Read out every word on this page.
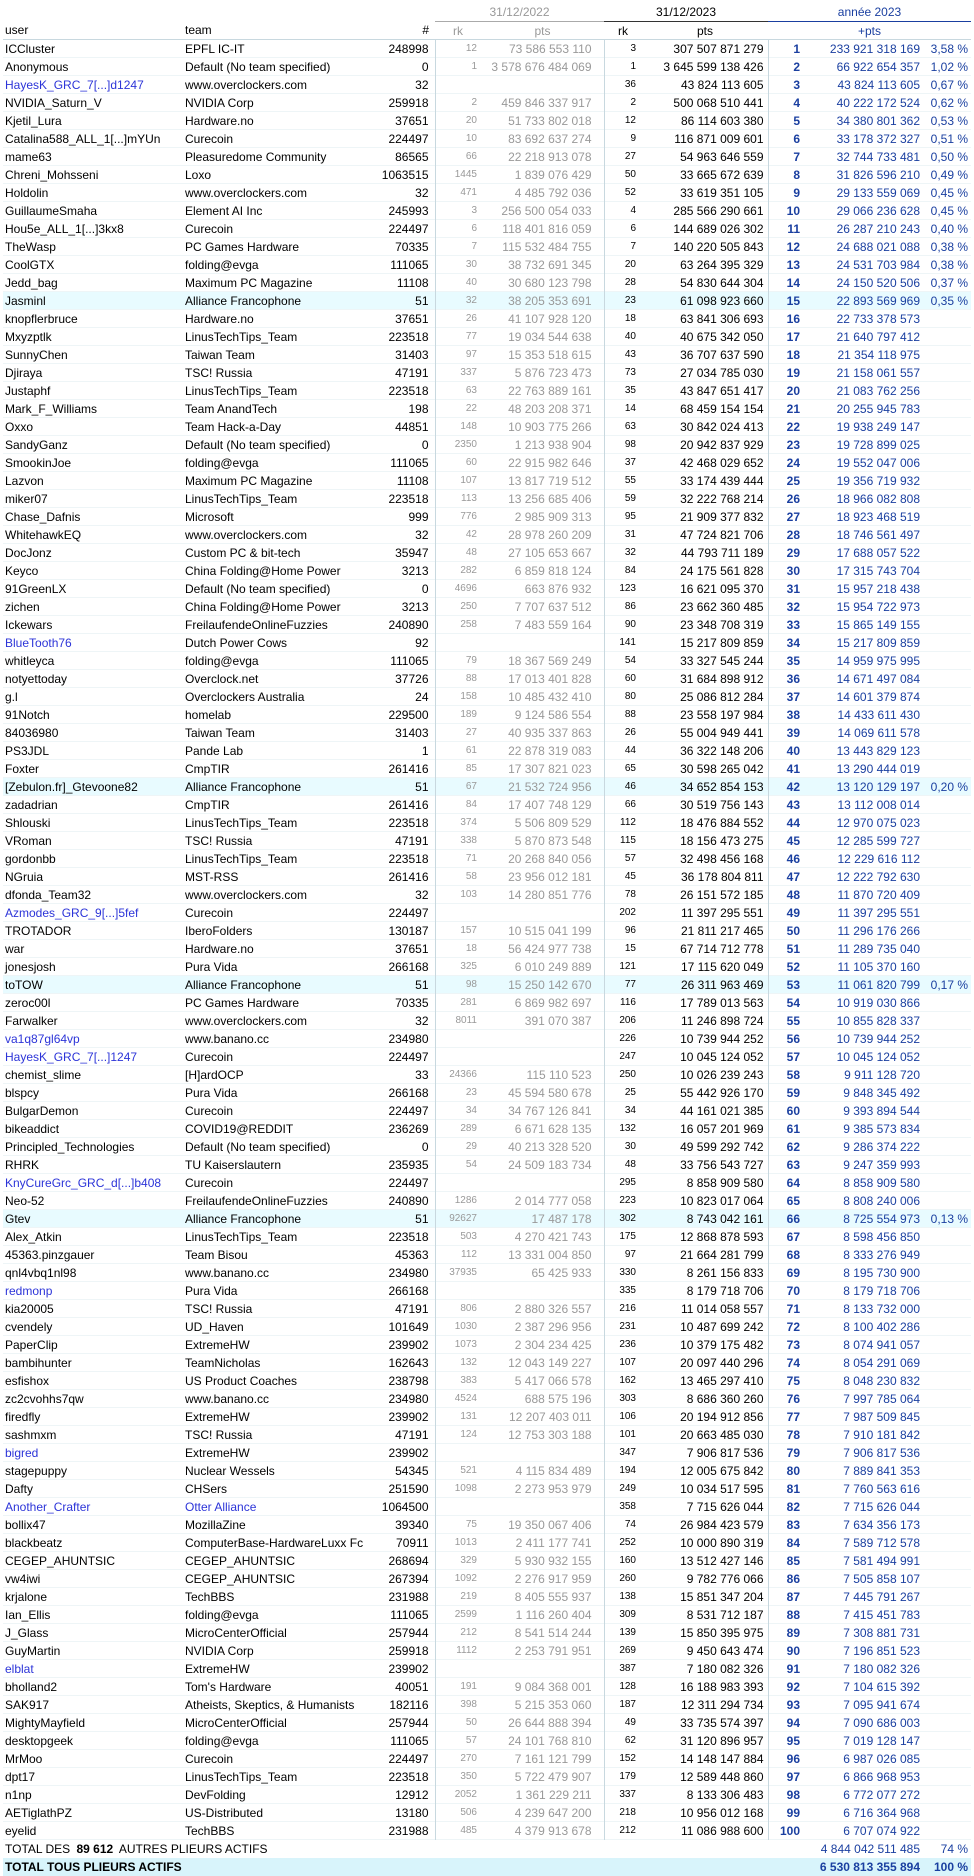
			31/12/2022		31/12/2023		année 2023		
user	team	#	rk	pts	rk	pts	+pts		
ICCluster	EPFL IC-IT	248998	12	73 586 553 110	3	307 507 871 279	1	233 921 318 169	3,58 %
Anonymous	Default (No team specified)	0	1	3 578 676 484 069	1	3 645 599 138 426	2	66 922 654 357	1,02 %
HayesK_GRC_7[...]d1247	www.overclockers.com	32			36	43 824 113 605	3	43 824 113 605	0,67 %
NVIDIA_Saturn_V	NVIDIA Corp	259918	2	459 846 337 917	2	500 068 510 441	4	40 222 172 524	0,62 %
Kjetil_Lura	Hardware.no	37651	20	51 733 802 018	12	86 114 603 380	5	34 380 801 362	0,53 %
Catalina588_ALL_1[...]mYUn	Curecoin	224497	10	83 692 637 274	9	116 871 009 601	6	33 178 372 327	0,51 %
mame63	Pleasuredome Community	86565	66	22 218 913 078	27	54 963 646 559	7	32 744 733 481	0,50 %
Chreni_Mohsseni	Loxo	1063515	1445	1 839 076 429	50	33 665 672 639	8	31 826 596 210	0,49 %
Holdolin	www.overclockers.com	32	471	4 485 792 036	52	33 619 351 105	9	29 133 559 069	0,45 %
GuillaumeSmaha	Element AI Inc	245993	3	256 500 054 033	4	285 566 290 661	10	29 066 236 628	0,45 %
Hou5e_ALL_1[...]3kx8	Curecoin	224497	6	118 401 816 059	6	144 689 026 302	11	26 287 210 243	0,40 %
TheWasp	PC Games Hardware	70335	7	115 532 484 755	7	140 220 505 843	12	24 688 021 088	0,38 %
CoolGTX	folding@evga	111065	30	38 732 691 345	20	63 264 395 329	13	24 531 703 984	0,38 %
Jedd_bag	Maximum PC Magazine	11108	40	30 680 123 798	28	54 830 644 304	14	24 150 520 506	0,37 %
Jasminl	Alliance Francophone	51	32	38 205 353 691	23	61 098 923 660	15	22 893 569 969	0,35 %
knopflerbruce	Hardware.no	37651	26	41 107 928 120	18	63 841 306 693	16	22 733 378 573	
Mxyzptlk	LinusTechTips_Team	223518	77	19 034 544 638	40	40 675 342 050	17	21 640 797 412	
SunnyChen	Taiwan Team	31403	97	15 353 518 615	43	36 707 637 590	18	21 354 118 975	
Djiraya	TSC! Russia	47191	337	5 876 723 473	73	27 034 785 030	19	21 158 061 557	
Justaphf	LinusTechTips_Team	223518	63	22 763 889 161	35	43 847 651 417	20	21 083 762 256	
Mark_F_Williams	Team AnandTech	198	22	48 203 208 371	14	68 459 154 154	21	20 255 945 783	
Oxxo	Team Hack-a-Day	44851	148	10 903 775 266	63	30 842 024 413	22	19 938 249 147	
SandyGanz	Default (No team specified)	0	2350	1 213 938 904	98	20 942 837 929	23	19 728 899 025	
SmookinJoe	folding@evga	111065	60	22 915 982 646	37	42 468 029 652	24	19 552 047 006	
Lazvon	Maximum PC Magazine	11108	107	13 817 719 512	55	33 174 439 444	25	19 356 719 932	
miker07	LinusTechTips_Team	223518	113	13 256 685 406	59	32 222 768 214	26	18 966 082 808	
Chase_Dafnis	Microsoft	999	776	2 985 909 313	95	21 909 377 832	27	18 923 468 519	
WhitehawkEQ	www.overclockers.com	32	42	28 978 260 209	31	47 724 821 706	28	18 746 561 497	
DocJonz	Custom PC & bit-tech	35947	48	27 105 653 667	32	44 793 711 189	29	17 688 057 522	
Keyco	China Folding@Home Power	3213	282	6 859 818 124	84	24 175 561 828	30	17 315 743 704	
91GreenLX	Default (No team specified)	0	4696	663 876 932	123	16 621 095 370	31	15 957 218 438	
zichen	China Folding@Home Power	3213	250	7 707 637 512	86	23 662 360 485	32	15 954 722 973	
Ickewars	FreilaufendeOnlineFuzzies	240890	258	7 483 559 164	90	23 348 708 319	33	15 865 149 155	
BlueTooth76	Dutch Power Cows	92			141	15 217 809 859	34	15 217 809 859	
whitleyca	folding@evga	111065	79	18 367 569 249	54	33 327 545 244	35	14 959 975 995	
notyettoday	Overclock.net	37726	88	17 013 401 828	60	31 684 898 912	36	14 671 497 084	
g.l	Overclockers Australia	24	158	10 485 432 410	80	25 086 812 284	37	14 601 379 874	
91Notch	homelab	229500	189	9 124 586 554	88	23 558 197 984	38	14 433 611 430	
84036980	Taiwan Team	31403	27	40 935 337 863	26	55 004 949 441	39	14 069 611 578	
PS3JDL	Pande Lab	1	61	22 878 319 083	44	36 322 148 206	40	13 443 829 123	
Foxter	CmpTIR	261416	85	17 307 821 023	65	30 598 265 042	41	13 290 444 019	
[Zebulon.fr]_Gtevoone82	Alliance Francophone	51	67	21 532 724 956	46	34 652 854 153	42	13 120 129 197	0,20 %
zadadrian	CmpTIR	261416	84	17 407 748 129	66	30 519 756 143	43	13 112 008 014	
Shlouski	LinusTechTips_Team	223518	374	5 506 809 529	112	18 476 884 552	44	12 970 075 023	
VRoman	TSC! Russia	47191	338	5 870 873 548	115	18 156 473 275	45	12 285 599 727	
gordonbb	LinusTechTips_Team	223518	71	20 268 840 056	57	32 498 456 168	46	12 229 616 112	
NGruia	MST-RSS	261416	58	23 956 012 181	45	36 178 804 811	47	12 222 792 630	
dfonda_Team32	www.overclockers.com	32	103	14 280 851 776	78	26 151 572 185	48	11 870 720 409	
Azmodes_GRC_9[...]5fef	Curecoin	224497			202	11 397 295 551	49	11 397 295 551	
TROTADOR	IberoFolders	130187	157	10 515 041 199	96	21 811 217 465	50	11 296 176 266	
war	Hardware.no	37651	18	56 424 977 738	15	67 714 712 778	51	11 289 735 040	
jonesjosh	Pura Vida	266168	325	6 010 249 889	121	17 115 620 049	52	11 105 370 160	
toTOW	Alliance Francophone	51	98	15 250 142 670	77	26 311 963 469	53	11 061 820 799	0,17 %
zeroc00l	PC Games Hardware	70335	281	6 869 982 697	116	17 789 013 563	54	10 919 030 866	
Farwalker	www.overclockers.com	32	8011	391 070 387	206	11 246 898 724	55	10 855 828 337	
va1q87gl64vp	www.banano.cc	234980			226	10 739 944 252	56	10 739 944 252	
HayesK_GRC_7[...]1247	Curecoin	224497			247	10 045 124 052	57	10 045 124 052	
chemist_slime	[H]ardOCP	33	24366	115 110 523	250	10 026 239 243	58	9 911 128 720	
blspcy	Pura Vida	266168	23	45 594 580 678	25	55 442 926 170	59	9 848 345 492	
BulgarDemon	Curecoin	224497	34	34 767 126 841	34	44 161 021 385	60	9 393 894 544	
bikeaddict	COVID19@REDDIT	236269	289	6 671 628 135	132	16 057 201 969	61	9 385 573 834	
Principled_Technologies	Default (No team specified)	0	29	40 213 328 520	30	49 599 292 742	62	9 286 374 222	
RHRK	TU Kaiserslautern	235935	54	24 509 183 734	48	33 756 543 727	63	9 247 359 993	
KnyCureGrc_GRC_d[...]b408	Curecoin	224497			295	8 858 909 580	64	8 858 909 580	
Neo-52	FreilaufendeOnlineFuzzies	240890	1286	2 014 777 058	223	10 823 017 064	65	8 808 240 006	
Gtev	Alliance Francophone	51	92627	17 487 178	302	8 743 042 161	66	8 725 554 973	0,13 %
Alex_Atkin	LinusTechTips_Team	223518	503	4 270 421 743	175	12 868 878 593	67	8 598 456 850	
45363.pinzgauer	Team Bisou	45363	112	13 331 004 850	97	21 664 281 799	68	8 333 276 949	
qnl4vbq1nl98	www.banano.cc	234980	37935	65 425 933	330	8 261 156 833	69	8 195 730 900	
redmonp	Pura Vida	266168			335	8 179 718 706	70	8 179 718 706	
kia20005	TSC! Russia	47191	806	2 880 326 557	216	11 014 058 557	71	8 133 732 000	
cvendely	UD_Haven	101649	1030	2 387 296 956	231	10 487 699 242	72	8 100 402 286	
PaperClip	ExtremeHW	239902	1073	2 304 234 425	236	10 379 175 482	73	8 074 941 057	
bambihunter	TeamNicholas	162643	132	12 043 149 227	107	20 097 440 296	74	8 054 291 069	
esfishox	US Product Coaches	238798	383	5 417 066 578	162	13 465 297 410	75	8 048 230 832	
zc2cvohhs7qw	www.banano.cc	234980	4524	688 575 196	303	8 686 360 260	76	7 997 785 064	
firedfly	ExtremeHW	239902	131	12 207 403 011	106	20 194 912 856	77	7 987 509 845	
sashmxm	TSC! Russia	47191	124	12 753 303 188	101	20 663 485 030	78	7 910 181 842	
bigred	ExtremeHW	239902			347	7 906 817 536	79	7 906 817 536	
stagepuppy	Nuclear Wessels	54345	521	4 115 834 489	194	12 005 675 842	80	7 889 841 353	
Dafty	CHSers	251590	1098	2 273 953 979	249	10 034 517 595	81	7 760 563 616	
Another_Crafter	Otter Alliance	1064500			358	7 715 626 044	82	7 715 626 044	
bollix47	MozillaZine	39340	75	19 350 067 406	74	26 984 423 579	83	7 634 356 173	
blackbeatz	ComputerBase-HardwareLuxx Fc	70911	1013	2 411 177 741	252	10 000 890 319	84	7 589 712 578	
CEGEP_AHUNTSIC	CEGEP_AHUNTSIC	268694	329	5 930 932 155	160	13 512 427 146	85	7 581 494 991	
vw4iwi	CEGEP_AHUNTSIC	267394	1092	2 276 917 959	260	9 782 776 066	86	7 505 858 107	
krjalone	TechBBS	231988	219	8 405 555 937	138	15 851 347 204	87	7 445 791 267	
Ian_Ellis	folding@evga	111065	2599	1 116 260 404	309	8 531 712 187	88	7 415 451 783	
J_Glass	MicroCenterOfficial	257944	212	8 541 514 244	139	15 850 395 975	89	7 308 881 731	
GuyMartin	NVIDIA Corp	259918	1112	2 253 791 951	269	9 450 643 474	90	7 196 851 523	
elblat	ExtremeHW	239902			387	7 180 082 326	91	7 180 082 326	
bholland2	Tom's Hardware	40051	191	9 084 368 001	128	16 188 983 393	92	7 104 615 392	
SAK917	Atheists, Skeptics, & Humanists	182116	398	5 215 353 060	187	12 311 294 734	93	7 095 941 674	
MightyMayfield	MicroCenterOfficial	257944	50	26 644 888 394	49	33 735 574 397	94	7 090 686 003	
desktopgeek	folding@evga	111065	57	24 101 768 810	62	31 120 896 957	95	7 019 128 147	
MrMoo	Curecoin	224497	270	7 161 121 799	152	14 148 147 884	96	6 987 026 085	
dpt17	LinusTechTips_Team	223518	350	5 722 479 907	179	12 589 448 860	97	6 866 968 953	
n1np	DevFolding	12912	2052	1 361 229 211	337	8 133 306 483	98	6 772 077 272	
AETiglathPZ	US-Distributed	13180	506	4 239 647 200	218	10 956 012 168	99	6 716 364 968	
eyelid	TechBBS	231988	485	4 379 913 678	212	11 086 988 600	100	6 707 074 922	
TOTAL DES 89 612 AUTRES PLIEURS ACTIFS							4 844 042 511 485		74 %
TOTAL TOUS PLIEURS ACTIFS							6 530 813 355 894		100 %
